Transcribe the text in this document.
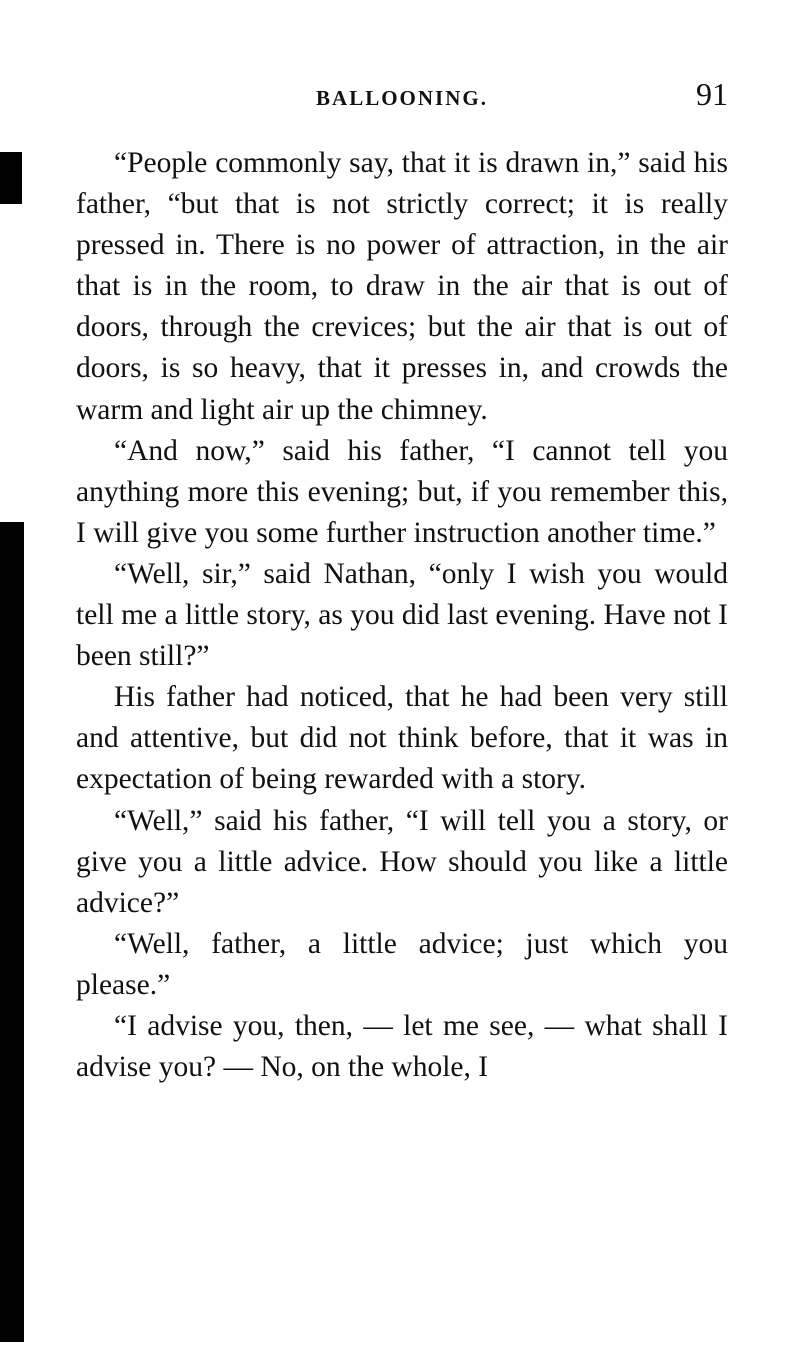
BALLOONING.	91

“People commonly say, that it is drawn in,” said his father, “but that is not strictly correct; it is really pressed in. There is no power of attraction, in the air that is in the room, to draw in the air that is out of doors, through the crevices; but the air that is out of doors, is so heavy, that it presses in, and crowds the warm and light air up the chimney.

“And now,” said his father, “I cannot tell you anything more this evening; but, if you remember this, I will give you some further instruction another time.”

“Well, sir,” said Nathan, “only I wish you would tell me a little story, as you did last evening. Have not I been still?”

His father had noticed, that he had been very still and attentive, but did not think before, that it was in expectation of being rewarded with a story.

“Well,” said his father, “I will tell you a story, or give you a little advice. How should you like a little advice?”

“Well, father, a little advice; just which you please.”

“I advise you, then, — let me see, — what shall I advise you? — No, on the whole, I
